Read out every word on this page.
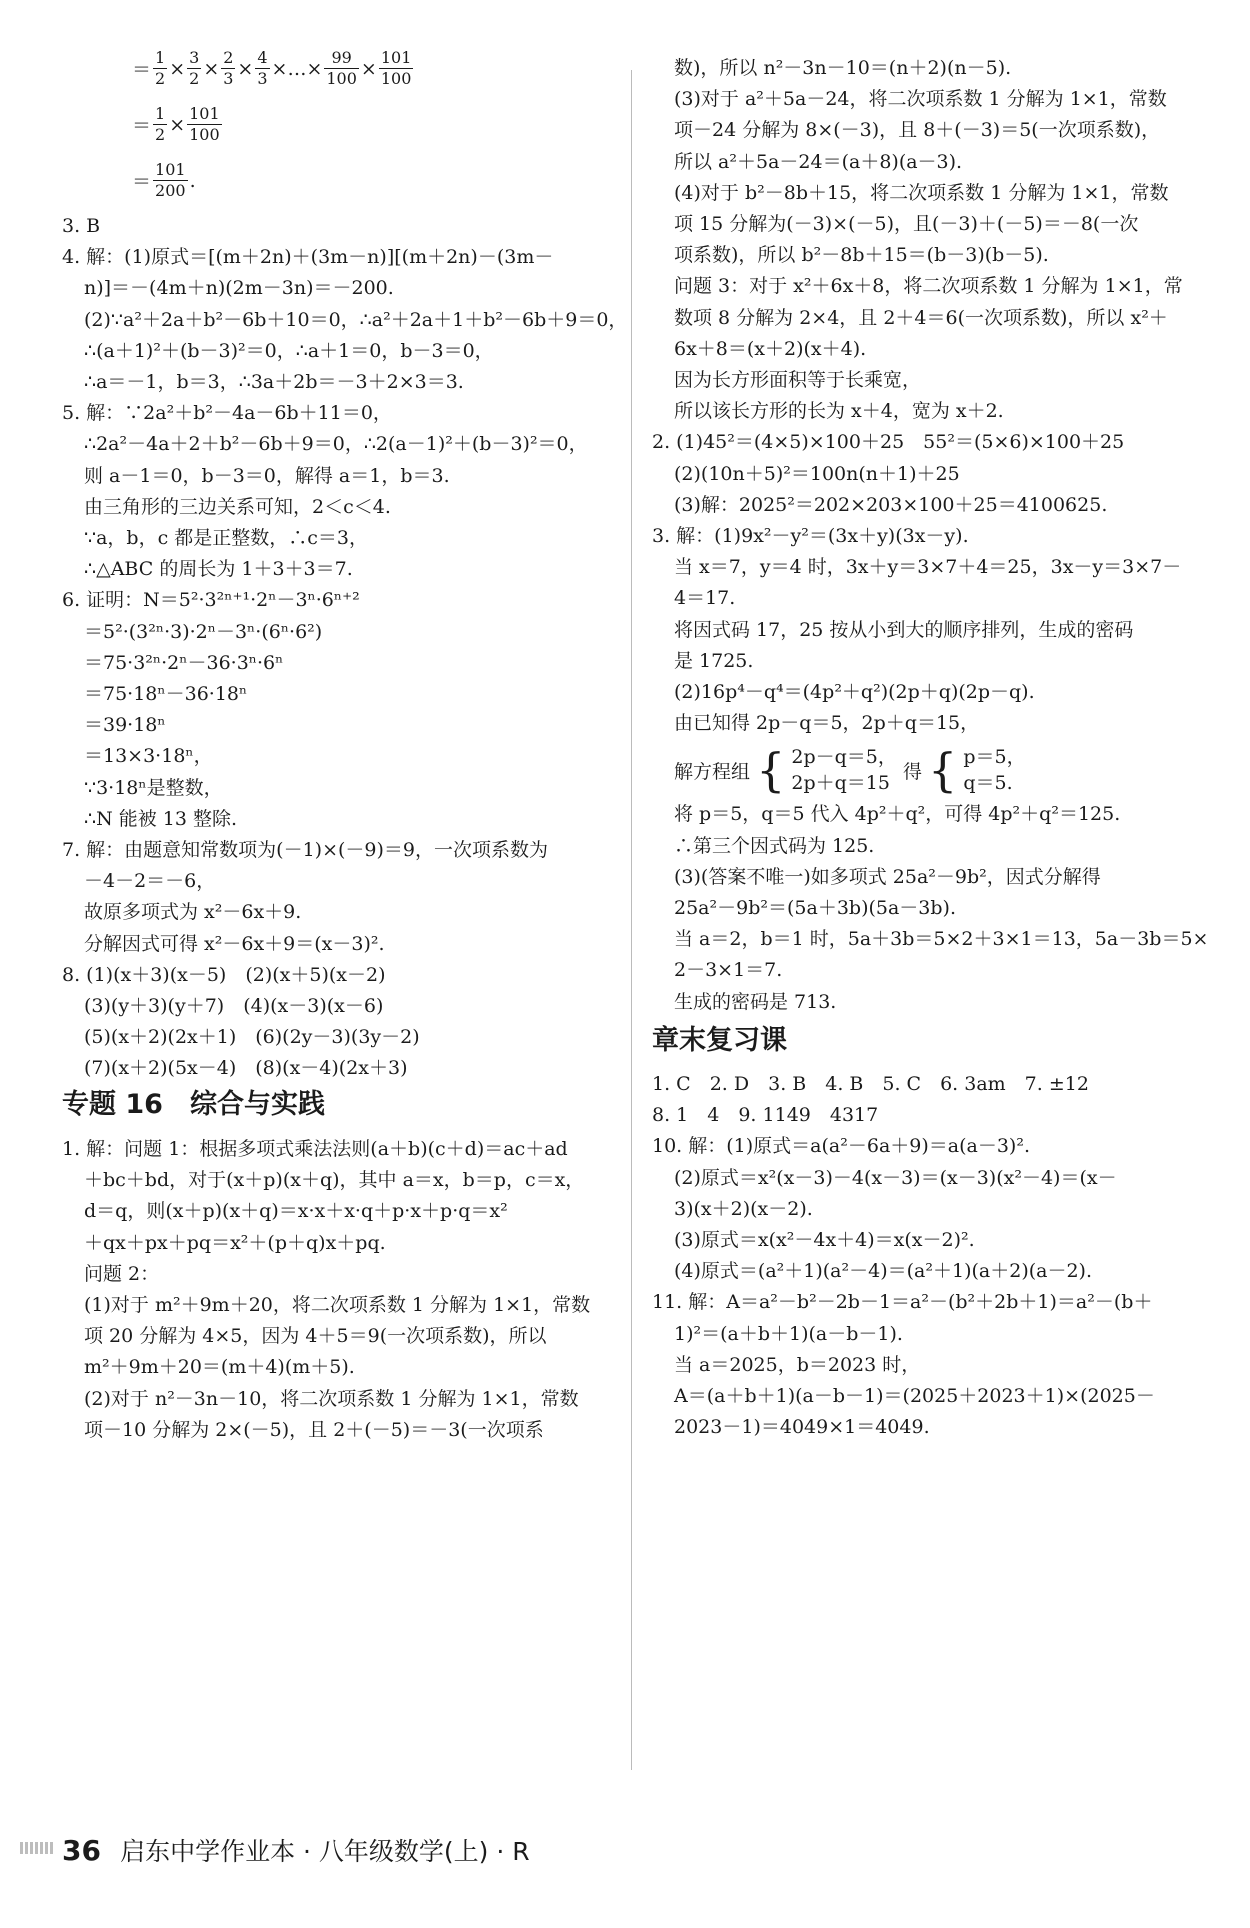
＝ $\frac{1}{2} \times \frac{3}{2} \times \frac{2}{3} \times \frac{4}{3}$ ×…× $\frac{99}{100} \times \frac{101}{100}$
＝ $\frac{1}{2} \times \frac{101}{100}$
＝ $\frac{101}{200}$ .
3. B
4. 解：(1)原式＝[(m＋2n)＋(3m－n)][(m＋2n)－(3m－
n)]＝－(4m＋n)(2m－3n)＝－200.
(2)∵a²＋2a＋b²－6b＋10＝0，∴a²＋2a＋1＋b²－6b＋9＝0，
∴(a＋1)²＋(b－3)²＝0，∴a＋1＝0，b－3＝0，
∴a＝－1，b＝3，∴3a＋2b＝－3＋2×3＝3.
5. 解：∵2a²＋b²－4a－6b＋11＝0，
∴2a²－4a＋2＋b²－6b＋9＝0，∴2(a－1)²＋(b－3)²＝0，
则 a－1＝0，b－3＝0，解得 a＝1，b＝3.
由三角形的三边关系可知，2＜c＜4.
∵a，b，c 都是正整数，∴c＝3，
∴△ABC 的周长为 1＋3＋3＝7.
6. 证明：N＝5²·3²ⁿ⁺¹·2ⁿ－3ⁿ·6ⁿ⁺²
＝5²·(3²ⁿ·3)·2ⁿ－3ⁿ·(6ⁿ·6²)
＝75·3²ⁿ·2ⁿ－36·3ⁿ·6ⁿ
＝75·18ⁿ－36·18ⁿ
＝39·18ⁿ
＝13×3·18ⁿ，
∵3·18ⁿ是整数，
∴N 能被 13 整除.
7. 解：由题意知常数项为(－1)×(－9)＝9，一次项系数为
－4－2＝－6，
故原多项式为 x²－6x＋9.
分解因式可得 x²－6x＋9＝(x－3)².
8. (1)(x＋3)(x－5)　(2)(x＋5)(x－2)
(3)(y＋3)(y＋7)　(4)(x－3)(x－6)
(5)(x＋2)(2x＋1)　(6)(2y－3)(3y－2)
(7)(x＋2)(5x－4)　(8)(x－4)(2x＋3)
专题 16　综合与实践
1. 解：问题 1：根据多项式乘法法则(a＋b)(c＋d)＝ac＋ad
＋bc＋bd，对于(x＋p)(x＋q)，其中 a＝x，b＝p，c＝x，
d＝q，则(x＋p)(x＋q)＝x·x＋x·q＋p·x＋p·q＝x²
＋qx＋px＋pq＝x²＋(p＋q)x＋pq.
问题 2：
(1)对于 m²＋9m＋20，将二次项系数 1 分解为 1×1，常数
项 20 分解为 4×5，因为 4＋5＝9(一次项系数)，所以
m²＋9m＋20＝(m＋4)(m＋5).
(2)对于 n²－3n－10，将二次项系数 1 分解为 1×1，常数
项－10 分解为 2×(－5)，且 2＋(－5)＝－3(一次项系
数)，所以 n²－3n－10＝(n＋2)(n－5).
(3)对于 a²＋5a－24，将二次项系数 1 分解为 1×1，常数
项－24 分解为 8×(－3)，且 8＋(－3)＝5(一次项系数)，
所以 a²＋5a－24＝(a＋8)(a－3).
(4)对于 b²－8b＋15，将二次项系数 1 分解为 1×1，常数
项 15 分解为(－3)×(－5)，且(－3)＋(－5)＝－8(一次
项系数)，所以 b²－8b＋15＝(b－3)(b－5).
问题 3：对于 x²＋6x＋8，将二次项系数 1 分解为 1×1，常
数项 8 分解为 2×4，且 2＋4＝6(一次项系数)，所以 x²＋
6x＋8＝(x＋2)(x＋4).
因为长方形面积等于长乘宽，
所以该长方形的长为 x＋4，宽为 x＋2.
2. (1)45²＝(4×5)×100＋25　55²＝(5×6)×100＋25
(2)(10n＋5)²＝100n(n＋1)＋25
(3)解：2025²＝202×203×100＋25＝4100625.
3. 解：(1)9x²－y²＝(3x＋y)(3x－y).
当 x＝7，y＝4 时，3x＋y＝3×7＋4＝25，3x－y＝3×7－
4＝17.
将因式码 17，25 按从小到大的顺序排列，生成的密码
是 1725.
(2)16p⁴－q⁴＝(4p²＋q²)(2p＋q)(2p－q).
由已知得 2p－q＝5，2p＋q＝15，
解方程组 { 2p－q＝5，
2p＋q＝15
得 { p＝5，
q＝5.
将 p＝5，q＝5 代入 4p²＋q²，可得 4p²＋q²＝125.
∴第三个因式码为 125.
(3)(答案不唯一)如多项式 25a²－9b²，因式分解得
25a²－9b²＝(5a＋3b)(5a－3b).
当 a＝2，b＝1 时，5a＋3b＝5×2＋3×1＝13，5a－3b＝5×
2－3×1＝7.
生成的密码是 713.
章末复习课
1. C　2. D　3. B　4. B　5. C　6. 3am　7. ±12
8. 1　4　9. 1149　4317
10. 解：(1)原式＝a(a²－6a＋9)＝a(a－3)².
(2)原式＝x²(x－3)－4(x－3)＝(x－3)(x²－4)＝(x－
3)(x＋2)(x－2).
(3)原式＝x(x²－4x＋4)＝x(x－2)².
(4)原式＝(a²＋1)(a²－4)＝(a²＋1)(a＋2)(a－2).
11. 解：A＝a²－b²－2b－1＝a²－(b²＋2b＋1)＝a²－(b＋
1)²＝(a＋b＋1)(a－b－1).
当 a＝2025，b＝2023 时，
A＝(a＋b＋1)(a－b－1)＝(2025＋2023＋1)×(2025－
2023－1)＝4049×1＝4049.
36 启东中学作业本 · 八年级数学(上) · R
